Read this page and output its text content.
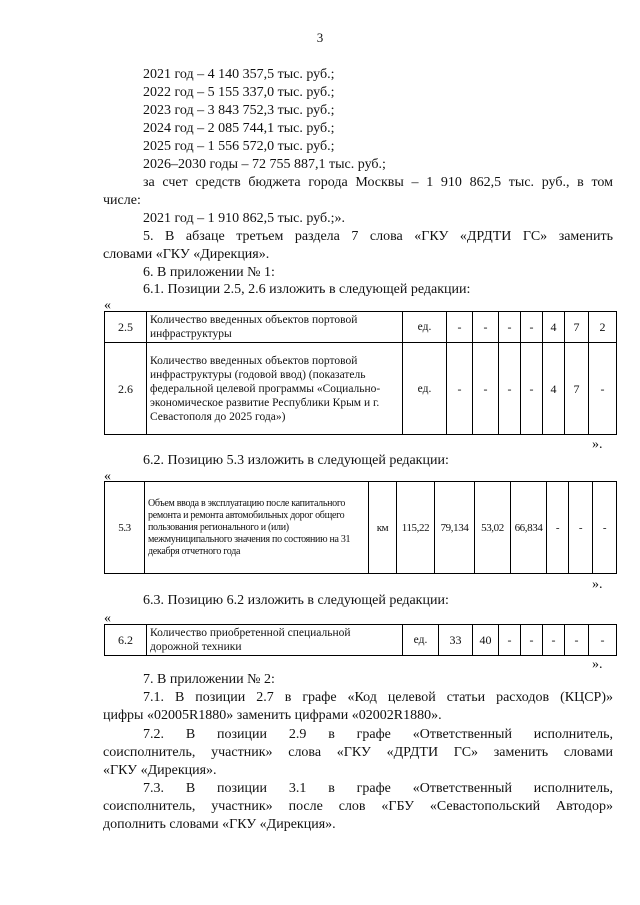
3
2021 год – 4 140 357,5 тыс. руб.;
2022 год – 5 155 337,0 тыс. руб.;
2023 год – 3 843 752,3 тыс. руб.;
2024 год – 2 085 744,1 тыс. руб.;
2025 год – 1 556 572,0 тыс. руб.;
2026–2030 годы – 72 755 887,1 тыс. руб.;
за счет средств бюджета города Москвы – 1 910 862,5 тыс. руб., в том
числе:
2021 год – 1 910 862,5 тыс. руб.;».
5. В абзаце третьем раздела 7 слова «ГКУ «ДРДТИ ГС» заменить
словами «ГКУ «Дирекция».
6. В приложении № 1:
6.1. Позиции 2.5, 2.6 изложить в следующей редакции:
«
2.5	Количество введенных объектов портовой инфраструктуры	ед.	-	-	-	-	4	7	2
2.6	Количество введенных объектов портовой инфраструктуры (годовой ввод) (показатель федеральной целевой программы «Социально-экономическое развитие Республики Крым и г. Севастополя до 2025 года»)	ед.	-	-	-	-	4	7	-
».
6.2. Позицию 5.3 изложить в следующей редакции:
«
5.3	Объем ввода в эксплуатацию после капитального ремонта и ремонта автомобильных дорог общего пользования регионального и (или) межмуниципального значения по состоянию на 31 декабря отчетного года	км	115,22	79,134	53,02	66,834	-	-	-
».
6.3. Позицию 6.2 изложить в следующей редакции:
«
6.2	Количество приобретенной специальной дорожной техники	ед.	33	40	-	-	-	-	-
».
7. В приложении № 2:
7.1. В позиции 2.7 в графе «Код целевой статьи расходов (КЦСР)»
цифры «02005R1880» заменить цифрами «02002R1880».
7.2. В позиции 2.9 в графе «Ответственный исполнитель,
соисполнитель, участник» слова «ГКУ «ДРДТИ ГС» заменить словами
«ГКУ «Дирекция».
7.3. В позиции 3.1 в графе «Ответственный исполнитель,
соисполнитель, участник» после слов «ГБУ «Севастопольский Автодор»
дополнить словами «ГКУ «Дирекция».
